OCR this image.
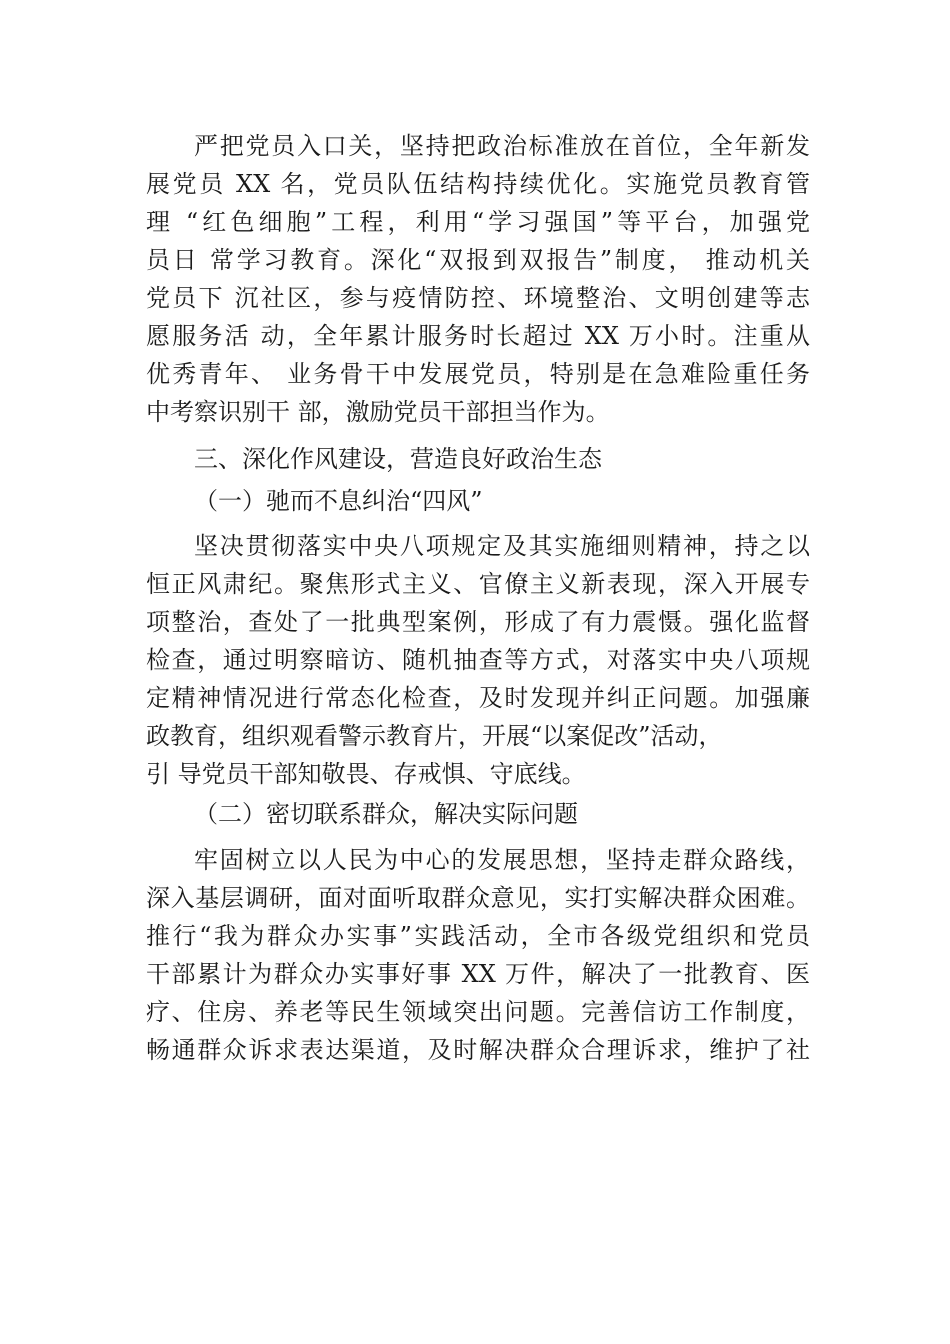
严把党员入口关，坚持把政治标准放在首位，全年新发
展党员 XX 名，党员队伍结构持续优化。实施党员教育管
理 “红色细胞”工程，利用“学习强国”等平台，加强党
员日 常学习教育。深化“双报到双报告”制度， 推动机关
党员下 沉社区，参与疫情防控、环境整治、文明创建等志
愿服务活 动，全年累计服务时长超过 XX 万小时。注重从
优秀青年、 业务骨干中发展党员，特别是在急难险重任务
中考察识别干 部，激励党员干部担当作为。
三、深化作风建设，营造良好政治生态
（一）驰而不息纠治“四风”
坚决贯彻落实中央八项规定及其实施细则精神，持之以
恒正风肃纪。聚焦形式主义、官僚主义新表现，深入开展专
项整治，查处了一批典型案例，形成了有力震慑。强化监督
检查，通过明察暗访、随机抽查等方式，对落实中央八项规
定精神情况进行常态化检查，及时发现并纠正问题。加强廉
政教育，组织观看警示教育片，开展“以案促改”活动，
引 导党员干部知敬畏、存戒惧、守底线。
（二）密切联系群众，解决实际问题
牢固树立以人民为中心的发展思想，坚持走群众路线，
深入基层调研，面对面听取群众意见，实打实解决群众困难。
推行“我为群众办实事”实践活动，全市各级党组织和党员
干部累计为群众办实事好事 XX 万件，解决了一批教育、医
疗、住房、养老等民生领域突出问题。完善信访工作制度，
畅通群众诉求表达渠道，及时解决群众合理诉求，维护了社
